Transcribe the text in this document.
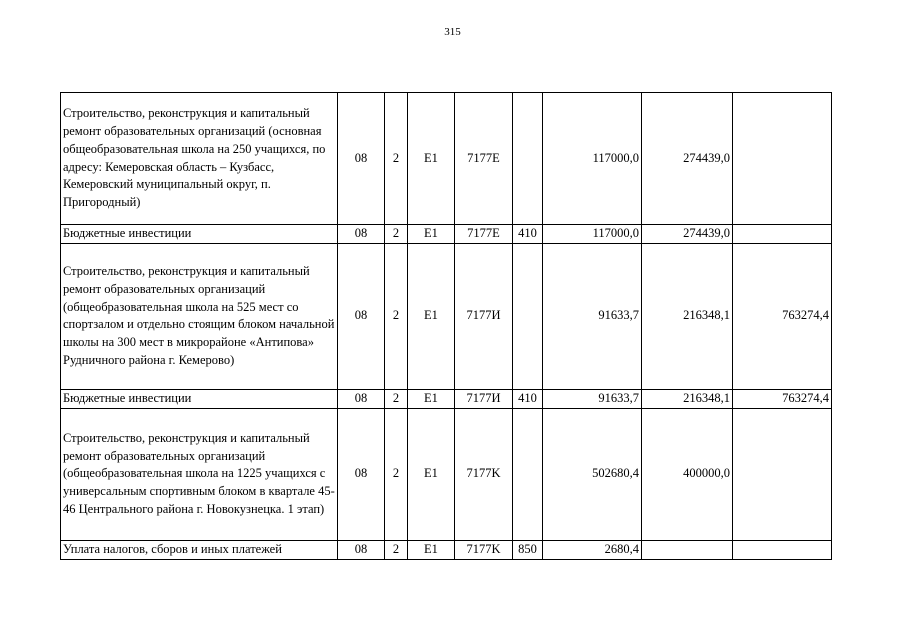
315
Строительство, реконструкция и капитальный ремонт образовательных организаций (основная общеобразовательная школа на 250 учащихся, по адресу: Кемеровская область – Кузбасс, Кемеровский муниципальный округ, п. Пригородный)	08	2	E1	7177E		117000,0	274439,0	
Бюджетные инвестиции	08	2	E1	7177E	410	117000,0	274439,0	
Строительство, реконструкция и капитальный ремонт образовательных организаций (общеобразовательная школа на 525 мест со спортзалом и отдельно стоящим блоком начальной школы на 300 мест в микрорайоне «Антипова» Рудничного района г. Кемерово)	08	2	E1	7177И		91633,7	216348,1	763274,4
Бюджетные инвестиции	08	2	E1	7177И	410	91633,7	216348,1	763274,4
Строительство, реконструкция и капитальный ремонт образовательных организаций (общеобразовательная школа на 1225 учащихся с универсальным спортивным блоком в квартале 45-46 Центрального района г. Новокузнецка. 1 этап)	08	2	E1	7177K		502680,4	400000,0	
Уплата налогов, сборов и иных платежей	08	2	E1	7177K	850	2680,4		
